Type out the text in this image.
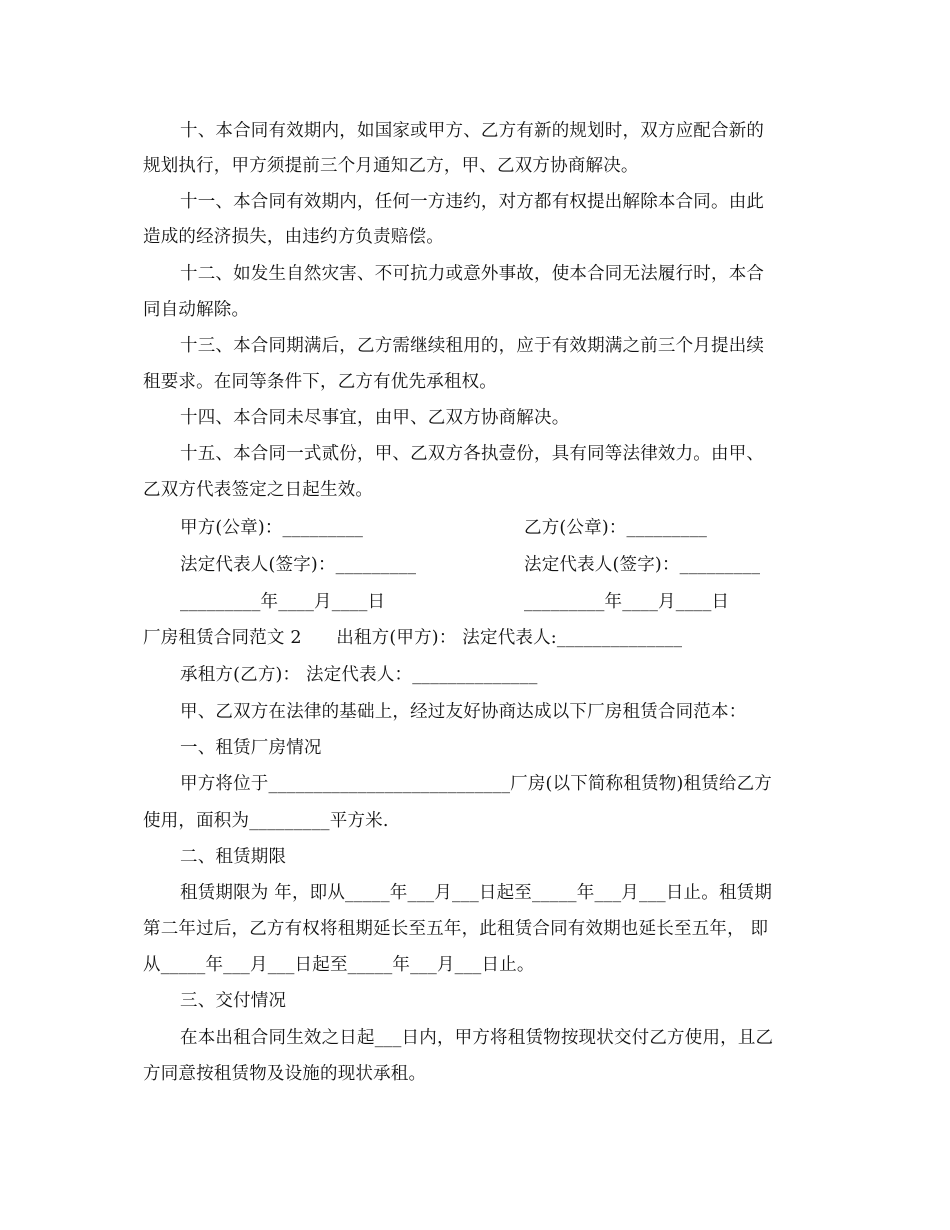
十、本合同有效期内，如国家或甲方、乙方有新的规划时，双方应配合新的
规划执行，甲方须提前三个月通知乙方，甲、乙双方协商解决。
十一、本合同有效期内，任何一方违约，对方都有权提出解除本合同。由此
造成的经济损失，由违约方负责赔偿。
十二、如发生自然灾害、不可抗力或意外事故，使本合同无法履行时，本合
同自动解除。
十三、本合同期满后，乙方需继续租用的，应于有效期满之前三个月提出续
租要求。在同等条件下，乙方有优先承租权。
十四、本合同未尽事宜，由甲、乙双方协商解决。
十五、本合同一式贰份，甲、乙双方各执壹份，具有同等法律效力。由甲、
乙双方代表签定之日起生效。
甲方(公章)：_________	乙方(公章)：_________
法定代表人(签字)：_________	法定代表人(签字)：_________
_________年____月____日	_________年____月____日
厂房租赁合同范文 2      出租方(甲方)： 法定代表人:______________
承租方(乙方)： 法定代表人：______________
甲、乙双方在法律的基础上，经过友好协商达成以下厂房租赁合同范本：
一、租赁厂房情况
甲方将位于___________________________厂房(以下简称租赁物)租赁给乙方
使用，面积为_________平方米.
二、租赁期限
租赁期限为 年，即从_____年___月___日起至_____年___月___日止。租赁期
第二年过后，乙方有权将租期延长至五年，此租赁合同有效期也延长至五年， 即
从_____年___月___日起至_____年___月___日止。
三、交付情况
在本出租合同生效之日起___日内，甲方将租赁物按现状交付乙方使用，且乙
方同意按租赁物及设施的现状承租。
